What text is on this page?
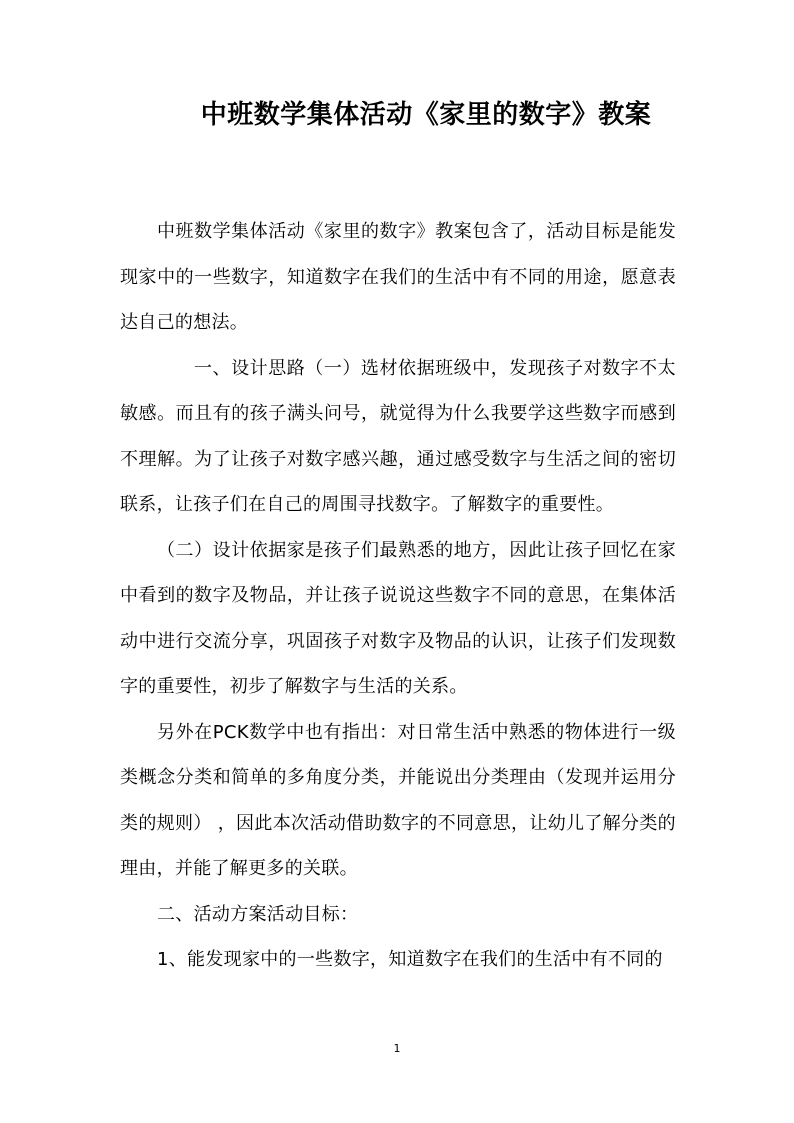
中班数学集体活动《家里的数字》教案

中班数学集体活动《家里的数字》教案包含了，活动目标是能发现家中的一些数字，知道数字在我们的生活中有不同的用途，愿意表达自己的想法。

一、设计思路（一）选材依据班级中，发现孩子对数字不太敏感。而且有的孩子满头问号，就觉得为什么我要学这些数字而感到不理解。为了让孩子对数字感兴趣，通过感受数字与生活之间的密切联系，让孩子们在自己的周围寻找数字。了解数字的重要性。

（二）设计依据家是孩子们最熟悉的地方，因此让孩子回忆在家中看到的数字及物品，并让孩子说说这些数字不同的意思，在集体活动中进行交流分享，巩固孩子对数字及物品的认识，让孩子们发现数字的重要性，初步了解数字与生活的关系。

另外在PCK数学中也有指出：对日常生活中熟悉的物体进行一级类概念分类和简单的多角度分类，并能说出分类理由（发现并运用分类的规则） ，因此本次活动借助数字的不同意思，让幼儿了解分类的理由，并能了解更多的关联。

二、活动方案活动目标：

1、能发现家中的一些数字，知道数字在我们的生活中有不同的

1
